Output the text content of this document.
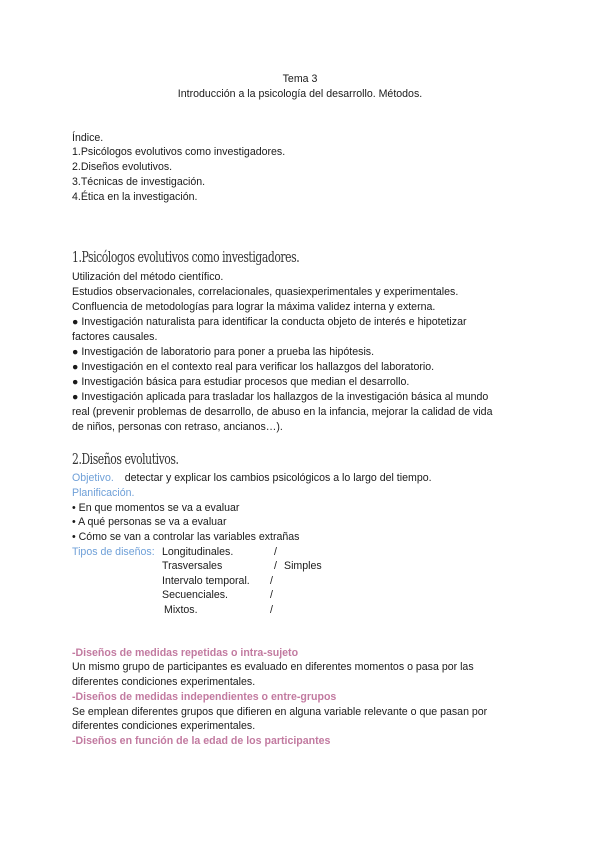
Tema 3
Introducción a la psicología del desarrollo. Métodos.
Índice.
1.Psicólogos evolutivos como investigadores.
2.Diseños evolutivos.
3.Técnicas de investigación.
4.Ética en la investigación.
1.Psicólogos evolutivos como investigadores.
Utilización del método científico.
Estudios observacionales, correlacionales, quasiexperimentales y experimentales.
Confluencia de metodologías para lograr la máxima validez interna y externa.
● Investigación naturalista para identificar la conducta objeto de interés e hipotetizar
factores causales.
● Investigación de laboratorio para poner a prueba las hipótesis.
● Investigación en el contexto real para verificar los hallazgos del laboratorio.
● Investigación básica para estudiar procesos que median el desarrollo.
● Investigación aplicada para trasladar los hallazgos de la investigación básica al mundo
real (prevenir problemas de desarrollo, de abuso en la infancia, mejorar la calidad de vida
de niños, personas con retraso, ancianos…).
2.Diseños evolutivos.
Objetivo. detectar y explicar los cambios psicológicos a lo largo del tiempo.
Planificación.
• En que momentos se va a evaluar
• A qué personas se va a evaluar
• Cómo se van a controlar las variables extrañas
Tipos de diseños: Longitudinales.	/
Trasversales	/ Simples
Intervalo temporal. /
Secuenciales.	/
Mixtos.	/
-Diseños de medidas repetidas o intra-sujeto
Un mismo grupo de participantes es evaluado en diferentes momentos o pasa por las
diferentes condiciones experimentales.
-Diseños de medidas independientes o entre-grupos
Se emplean diferentes grupos que difieren en alguna variable relevante o que pasan por
diferentes condiciones experimentales.
-Diseños en función de la edad de los participantes
